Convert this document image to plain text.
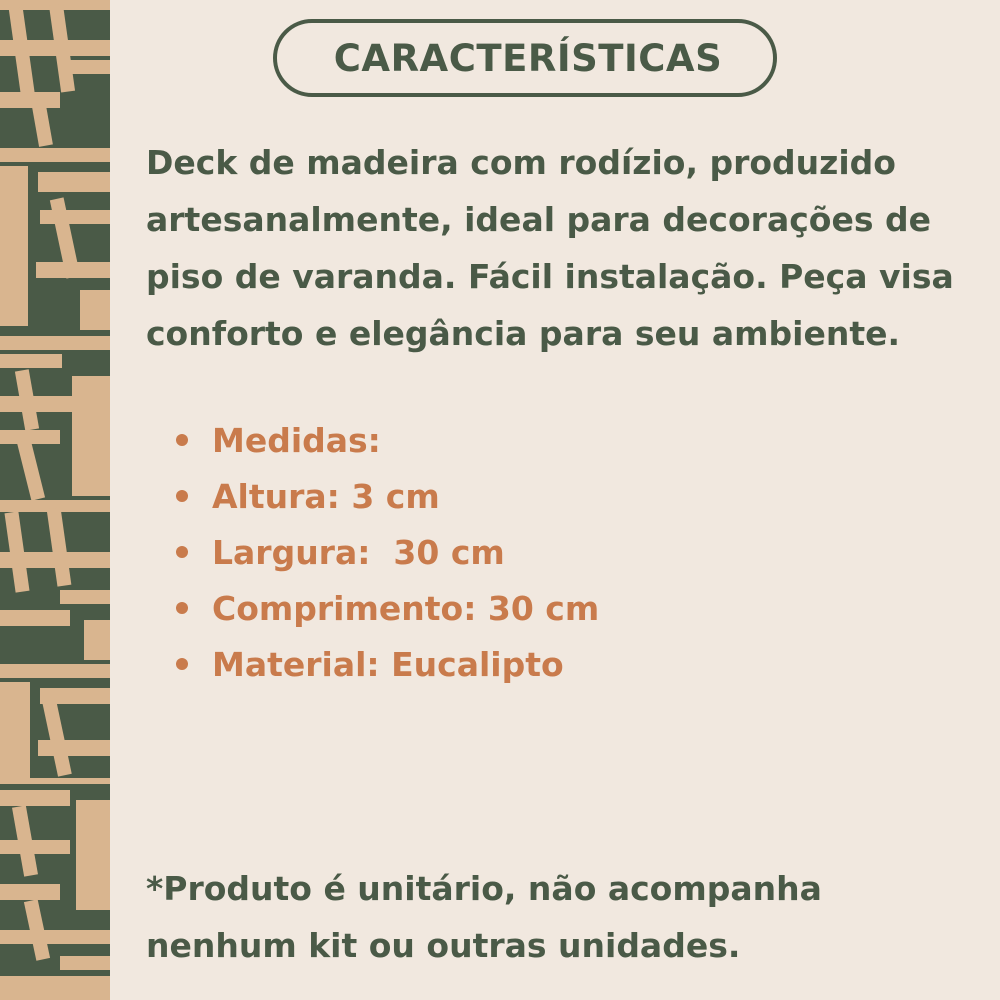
CARACTERÍSTICAS
Deck de madeira com rodízio, produzido artesanalmente, ideal para decorações de piso de varanda. Fácil instalação. Peça visa conforto e elegância para seu ambiente.
Medidas:
Altura: 3 cm
Largura:  30 cm
Comprimento: 30 cm
Material: Eucalipto
*Produto é unitário, não acompanha nenhum kit ou outras unidades.
